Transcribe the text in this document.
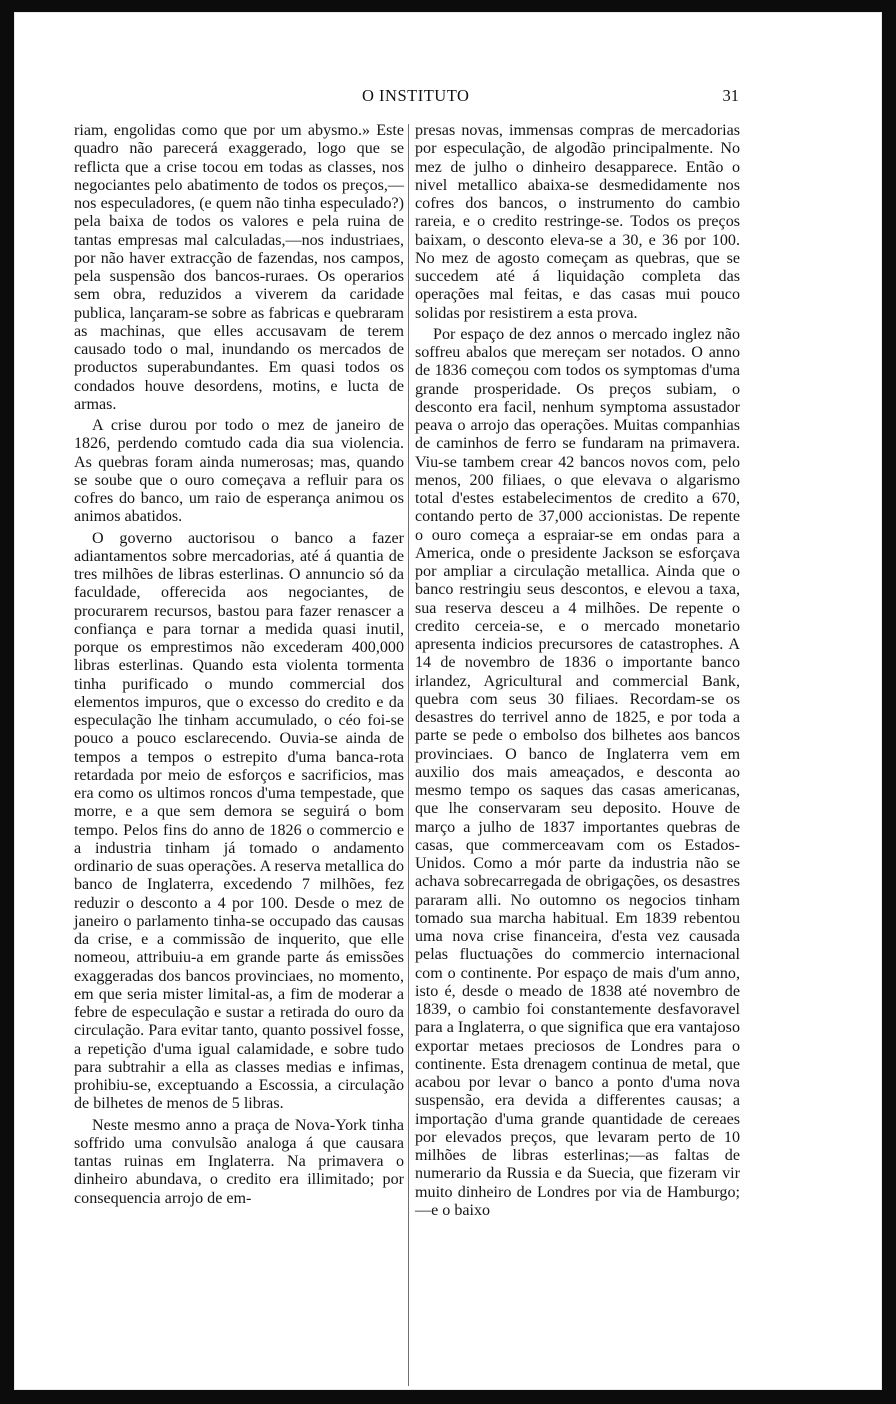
O INSTITUTO	31

riam, engolidas como que por um abysmo.» Este quadro não parecerá exaggerado, logo que se reflicta que a crise tocou em todas as classes, nos negociantes pelo abatimento de todos os preços,—nos especuladores, (e quem não tinha especulado?) pela baixa de todos os valores e pela ruina de tantas empresas mal calculadas,—nos industriaes, por não haver extracção de fazendas, nos campos, pela suspensão dos bancos-ruraes. Os operarios sem obra, reduzidos a viverem da caridade publica, lançaram-se sobre as fabricas e quebraram as machinas, que elles accusavam de terem causado todo o mal, inundando os mercados de productos superabundantes. Em quasi todos os condados houve desordens, motins, e lucta de armas.

A crise durou por todo o mez de janeiro de 1826, perdendo comtudo cada dia sua violencia. As quebras foram ainda numerosas; mas, quando se soube que o ouro começava a refluir para os cofres do banco, um raio de esperança animou os animos abatidos.

O governo auctorisou o banco a fazer adiantamentos sobre mercadorias, até á quantia de tres milhões de libras esterlinas. O annuncio só da faculdade, offerecida aos negociantes, de procurarem recursos, bastou para fazer renascer a confiança e para tornar a medida quasi inutil, porque os emprestimos não excederam 400,000 libras esterlinas. Quando esta violenta tormenta tinha purificado o mundo commercial dos elementos impuros, que o excesso do credito e da especulação lhe tinham accumulado, o céo foi-se pouco a pouco esclarecendo. Ouvia-se ainda de tempos a tempos o estrepito d'uma banca-rota retardada por meio de esforços e sacrificios, mas era como os ultimos roncos d'uma tempestade, que morre, e a que sem demora se seguirá o bom tempo. Pelos fins do anno de 1826 o commercio e a industria tinham já tomado o andamento ordinario de suas operações. A reserva metallica do banco de Inglaterra, excedendo 7 milhões, fez reduzir o desconto a 4 por 100. Desde o mez de janeiro o parlamento tinha-se occupado das causas da crise, e a commissão de inquerito, que elle nomeou, attribuiu-a em grande parte ás emissões exaggeradas dos bancos provinciaes, no momento, em que seria mister limital-as, a fim de moderar a febre de especulação e sustar a retirada do ouro da circulação. Para evitar tanto, quanto possivel fosse, a repetição d'uma igual calamidade, e sobre tudo para subtrahir a ella as classes medias e infimas, prohibiu-se, exceptuando a Escossia, a circulação de bilhetes de menos de 5 libras.

Neste mesmo anno a praça de Nova-York tinha soffrido uma convulsão analoga á que causara tantas ruinas em Inglaterra. Na primavera o dinheiro abundava, o credito era illimitado; por consequencia arrojo de em-

presas novas, immensas compras de mercadorias por especulação, de algodão principalmente. No mez de julho o dinheiro desapparece. Então o nivel metallico abaixa-se desmedidamente nos cofres dos bancos, o instrumento do cambio rareia, e o credito restringe-se. Todos os preços baixam, o desconto eleva-se a 30, e 36 por 100. No mez de agosto começam as quebras, que se succedem até á liquidação completa das operações mal feitas, e das casas mui pouco solidas por resistirem a esta prova.

Por espaço de dez annos o mercado inglez não soffreu abalos que mereçam ser notados. O anno de 1836 começou com todos os symptomas d'uma grande prosperidade. Os preços subiam, o desconto era facil, nenhum symptoma assustador peava o arrojo das operações. Muitas companhias de caminhos de ferro se fundaram na primavera. Viu-se tambem crear 42 bancos novos com, pelo menos, 200 filiaes, o que elevava o algarismo total d'estes estabelecimentos de credito a 670, contando perto de 37,000 accionistas. De repente o ouro começa a espraiar-se em ondas para a America, onde o presidente Jackson se esforçava por ampliar a circulação metallica. Ainda que o banco restringiu seus descontos, e elevou a taxa, sua reserva desceu a 4 milhões. De repente o credito cerceia-se, e o mercado monetario apresenta indicios precursores de catastrophes. A 14 de novembro de 1836 o importante banco irlandez, Agricultural and commercial Bank, quebra com seus 30 filiaes. Recordam-se os desastres do terrivel anno de 1825, e por toda a parte se pede o embolso dos bilhetes aos bancos provinciaes. O banco de Inglaterra vem em auxilio dos mais ameaçados, e desconta ao mesmo tempo os saques das casas americanas, que lhe conservaram seu deposito. Houve de março a julho de 1837 importantes quebras de casas, que commerceavam com os Estados-Unidos. Como a mór parte da industria não se achava sobrecarregada de obrigações, os desastres pararam alli. No outomno os negocios tinham tomado sua marcha habitual. Em 1839 rebentou uma nova crise financeira, d'esta vez causada pelas fluctuações do commercio internacional com o continente. Por espaço de mais d'um anno, isto é, desde o meado de 1838 até novembro de 1839, o cambio foi constantemente desfavoravel para a Inglaterra, o que significa que era vantajoso exportar metaes preciosos de Londres para o continente. Esta drenagem continua de metal, que acabou por levar o banco a ponto d'uma nova suspensão, era devida a differentes causas; a importação d'uma grande quantidade de cereaes por elevados preços, que levaram perto de 10 milhões de libras esterlinas;—as faltas de numerario da Russia e da Suecia, que fizeram vir muito dinheiro de Londres por via de Hamburgo;—e o baixo
